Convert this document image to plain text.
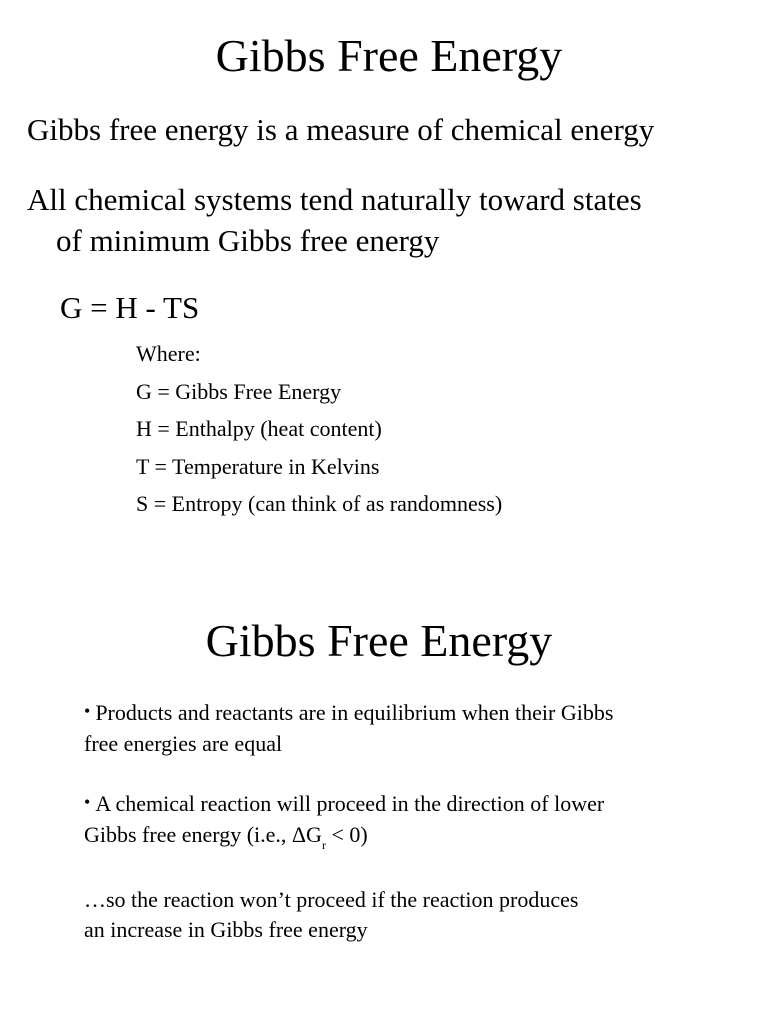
Gibbs Free Energy
Gibbs free energy is a measure of chemical energy
All chemical systems tend naturally toward states
of minimum Gibbs free energy
G = H - TS
Where:
G = Gibbs Free Energy
H = Enthalpy (heat content)
T = Temperature in Kelvins
S = Entropy (can think of as randomness)
Gibbs Free Energy
• Products and reactants are in equilibrium when their Gibbs
free energies are equal
• A chemical reaction will proceed in the direction of lower
Gibbs free energy (i.e., $\Delta G_r < 0$)
…so the reaction won’t proceed if the reaction produces
an increase in Gibbs free energy
